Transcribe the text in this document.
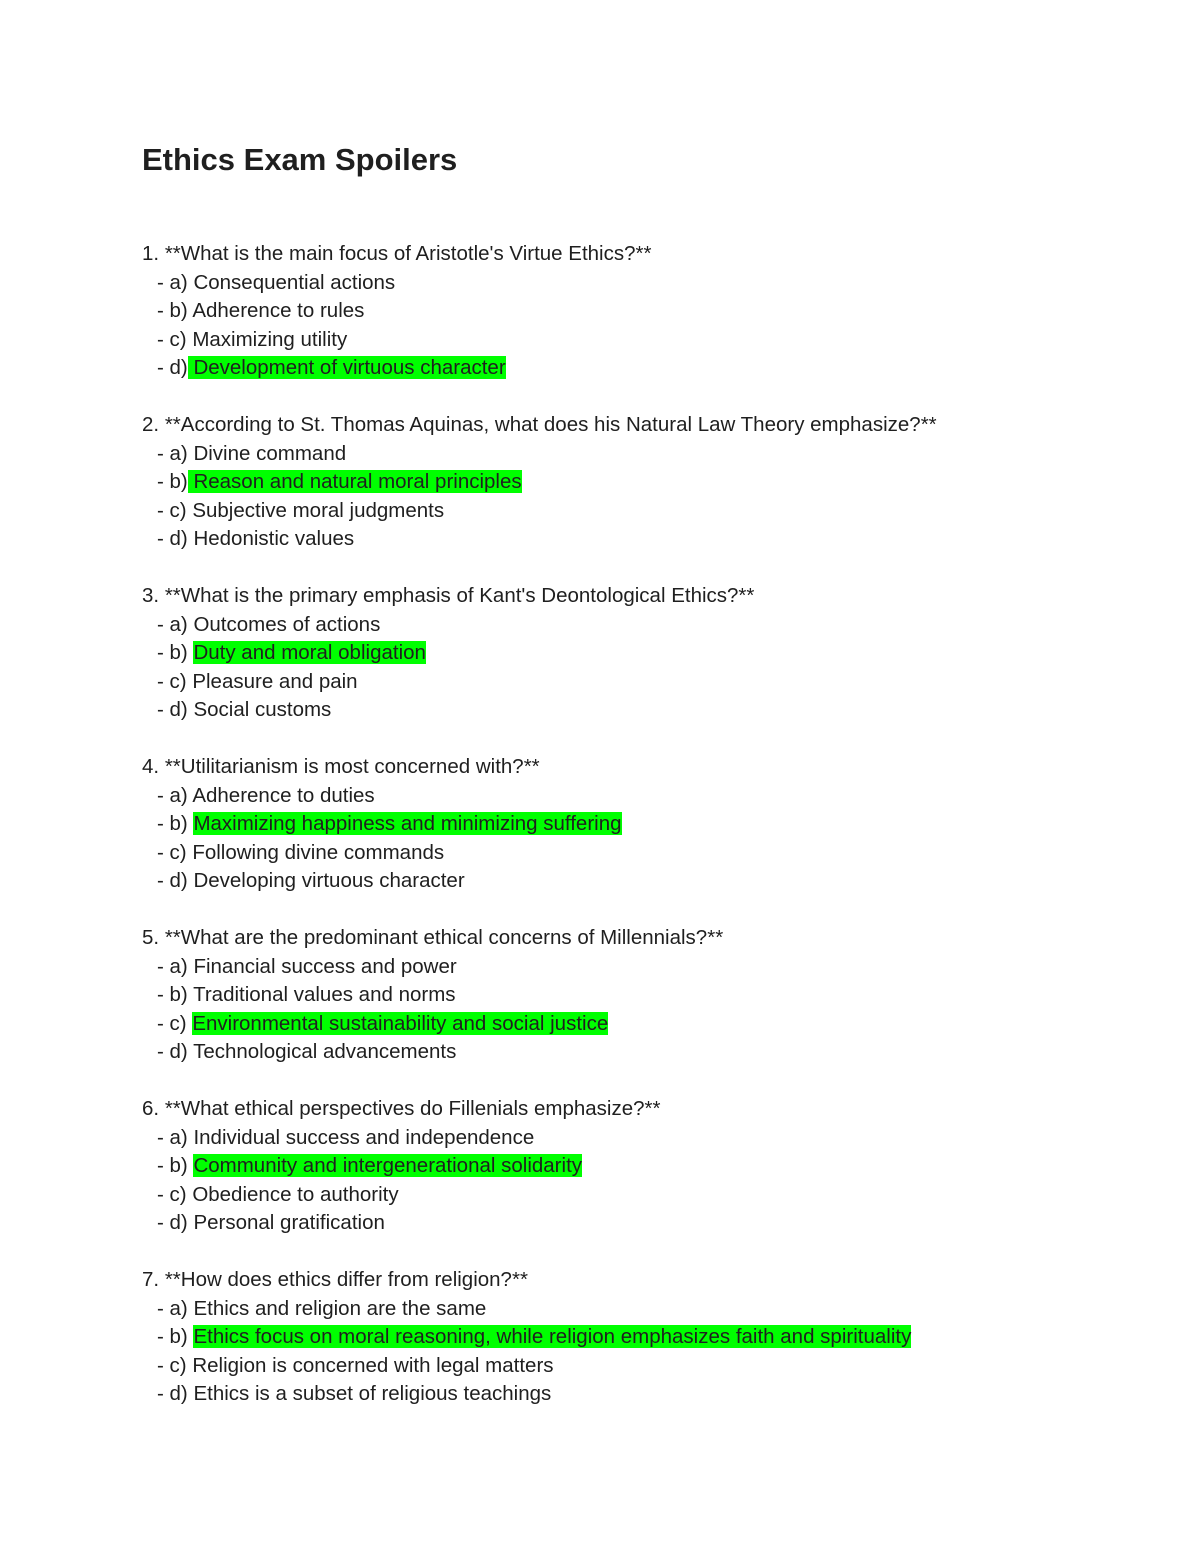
Ethics Exam Spoilers
1. **What is the main focus of Aristotle's Virtue Ethics?**
- a) Consequential actions
- b) Adherence to rules
- c) Maximizing utility
- d) Development of virtuous character
2. **According to St. Thomas Aquinas, what does his Natural Law Theory emphasize?**
- a) Divine command
- b) Reason and natural moral principles
- c) Subjective moral judgments
- d) Hedonistic values
3. **What is the primary emphasis of Kant's Deontological Ethics?**
- a) Outcomes of actions
- b) Duty and moral obligation
- c) Pleasure and pain
- d) Social customs
4. **Utilitarianism is most concerned with?**
- a) Adherence to duties
- b) Maximizing happiness and minimizing suffering
- c) Following divine commands
- d) Developing virtuous character
5. **What are the predominant ethical concerns of Millennials?**
- a) Financial success and power
- b) Traditional values and norms
- c) Environmental sustainability and social justice
- d) Technological advancements
6. **What ethical perspectives do Fillenials emphasize?**
- a) Individual success and independence
- b) Community and intergenerational solidarity
- c) Obedience to authority
- d) Personal gratification
7. **How does ethics differ from religion?**
- a) Ethics and religion are the same
- b) Ethics focus on moral reasoning, while religion emphasizes faith and spirituality
- c) Religion is concerned with legal matters
- d) Ethics is a subset of religious teachings
